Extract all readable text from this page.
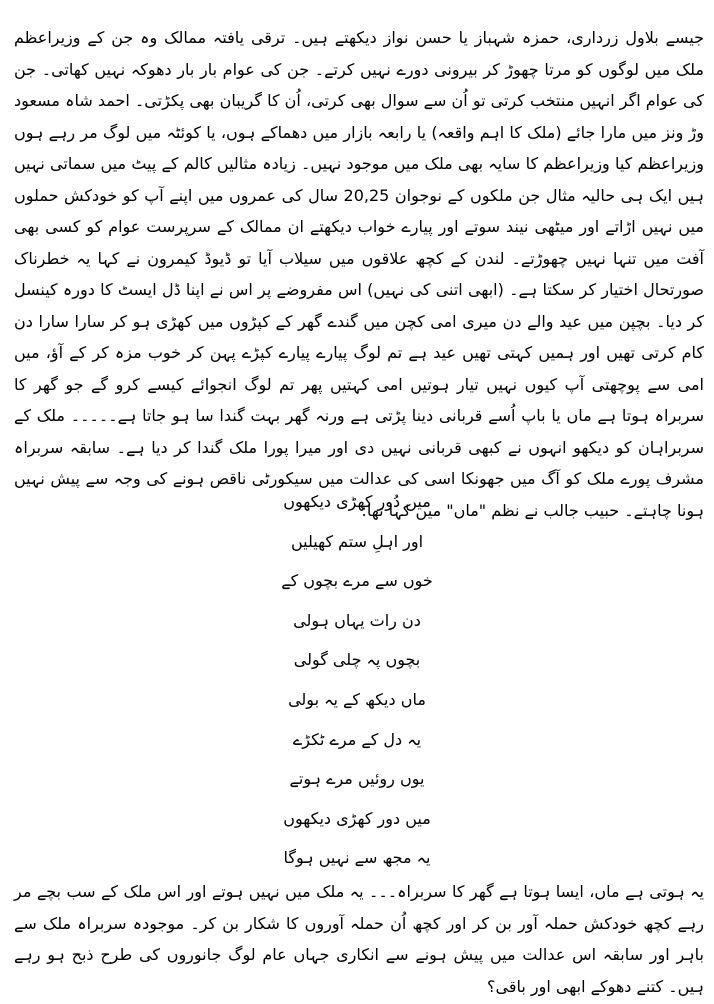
جیسے بلاول زرداری، حمزہ شہباز یا حسن نواز دیکھتے ہیں۔ ترقی یافتہ ممالک وہ جن کے وزیراعظم ملک میں لوگوں کو مرتا چھوڑ کر بیرونی دورے نہیں کرتے۔ جن کی عوام بار بار دھوکہ نہیں کھاتی۔ جن کی عوام اگر انہیں منتخب کرتی تو اُن سے سوال بھی کرتی، اُن کا گریبان بھی پکڑتی۔ احمد شاہ مسعود وڑ ونز میں مارا جائے (ملک کا اہم واقعہ) یا رابعہ بازار میں دھماکے ہوں، یا کوئٹہ میں لوگ مر رہے ہوں وزیراعظم کیا وزیراعظم کا سایہ بھی ملک میں موجود نہیں۔ زیادہ مثالیں کالم کے پیٹ میں سماتی نہیں ہیں ایک ہی حالیہ مثال جن ملکوں کے نوجوان 20,25 سال کی عمروں میں اپنے آپ کو خودکش حملوں میں نہیں اڑاتے اور میٹھی نیند سوتے اور پیارے خواب دیکھتے ان ممالک کے سرپرست عوام کو کسی بھی آفت میں تنہا نہیں چھوڑتے۔ لندن کے کچھ علاقوں میں سیلاب آیا تو ڈیوڈ کیمرون نے کہا یہ خطرناک صورتحال اختیار کر سکتا ہے۔ (ابھی اتنی کی نہیں) اس مفروضے پر اس نے اپنا ڈل ایسٹ کا دورہ کینسل کر دیا۔ بچپن میں عید والے دن میری امی کچن میں گندے گھر کے کپڑوں میں کھڑی ہو کر سارا سارا دن کام کرتی تھیں اور ہمیں کہتی تھیں عید ہے تم لوگ پیارے پیارے کپڑے پہن کر خوب مزہ کر کے آؤ، میں امی سے پوچھتی آپ کیوں نہیں تیار ہوتیں امی کہتیں پھر تم لوگ انجوائے کیسے کرو گے جو گھر کا سربراہ ہوتا ہے ماں یا باپ اُسے قربانی دینا پڑتی ہے ورنہ گھر بہت گندا سا ہو جاتا ہے۔۔۔۔۔ ملک کے سربراہان کو دیکھو انہوں نے کبھی قربانی نہیں دی اور میرا پورا ملک گندا کر دیا ہے۔ سابقہ سربراہ مشرف پورے ملک کو آگ میں جھونکا اسی کی عدالت میں سیکورٹی ناقص ہونے کی وجہ سے پیش نہیں ہونا چاہتے۔ حبیب جالب نے نظم "ماں" میں کہا تھا:

میں دُور کھڑی دیکھوں
اور اہلِ ستم کھیلیں
خوں سے مرے بچوں کے
دن رات یہاں ہولی
بچوں پہ چلی گولی
ماں دیکھ کے یہ بولی
یہ دل کے مرے ٹکڑے
یوں روئیں مرے ہوتے
میں دور کھڑی دیکھوں
یہ مجھ سے نہیں ہوگا

یہ ہوتی ہے ماں، ایسا ہوتا ہے گھر کا سربراہ۔۔۔ یہ ملک میں نہیں ہوتے اور اس ملک کے سب بچے مر رہے کچھ خودکش حملہ آور بن کر اور کچھ اُن حملہ آوروں کا شکار بن کر۔ موجودہ سربراہ ملک سے باہر اور سابقہ اس عدالت میں پیش ہونے سے انکاری جہاں عام لوگ جانوروں کی طرح ذبح ہو رہے ہیں۔ کتنے دھوکے ابھی اور باقی؟
